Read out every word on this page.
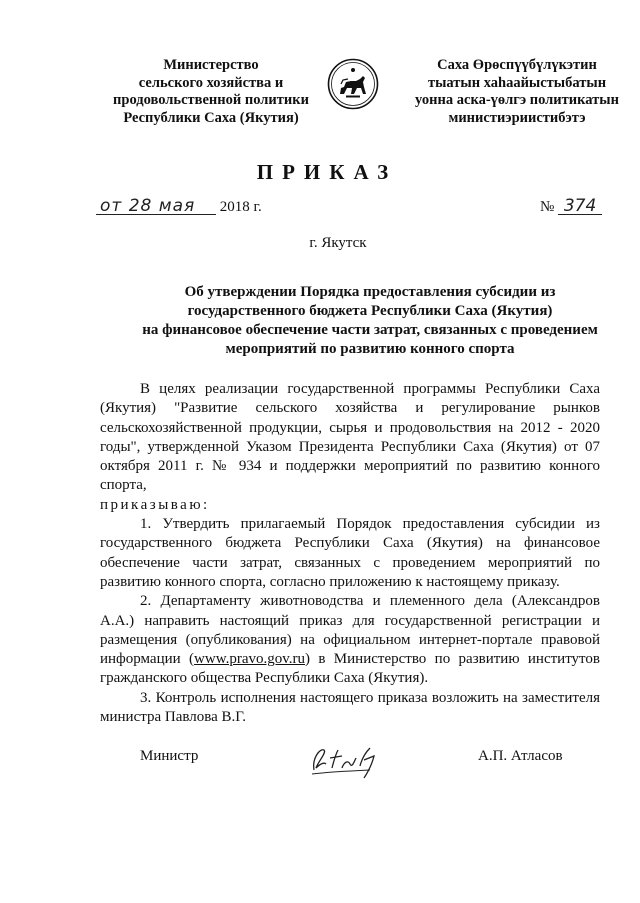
Министерство
сельского хозяйства и
продовольственной политики
Республики Саха (Якутия)
Саха Өрөспүүбүлүкэтин
тыатын хаһаайыстыбатын
уонна аска-үөлгэ политикатын
министиэриистибэтэ
ПРИКАЗ
от 28 мая 2018 г.	№ 374
г. Якутск
Об утверждении Порядка предоставления субсидии из
государственного бюджета Республики Саха (Якутия)
на финансовое обеспечение части затрат, связанных с проведением
мероприятий по развитию конного спорта

В целях реализации государственной программы Республики Саха (Якутия) "Развитие сельского хозяйства и регулирование рынков сельскохозяйственной продукции, сырья и продовольствия на 2012 - 2020 годы", утвержденной Указом Президента Республики Саха (Якутия) от 07 октября 2011 г. № 934 и поддержки мероприятий по развитию конного спорта,

приказываю:

1. Утвердить прилагаемый Порядок предоставления субсидии из государственного бюджета Республики Саха (Якутия) на финансовое обеспечение части затрат, связанных с проведением мероприятий по развитию конного спорта, согласно приложению к настоящему приказу.

2. Департаменту животноводства и племенного дела (Александров А.А.) направить настоящий приказ для государственной регистрации и размещения (опубликования) на официальном интернет-портале правовой информации (www.pravo.gov.ru) в Министерство по развитию институтов гражданского общества Республики Саха (Якутия).

3. Контроль исполнения настоящего приказа возложить на заместителя министра Павлова В.Г.

Министр	А.П. Атласов
